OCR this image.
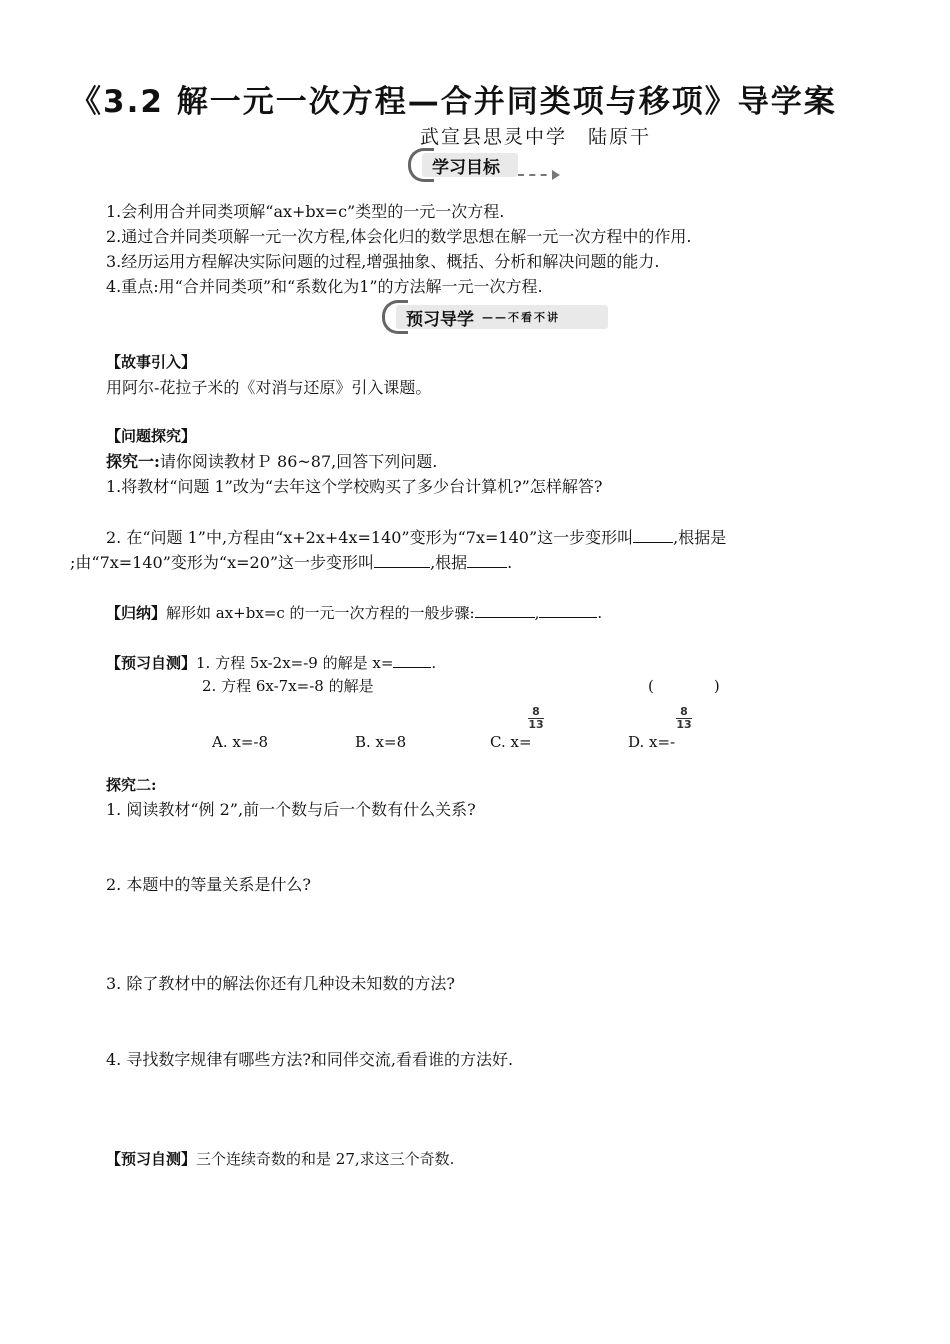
《3.2 解一元一次方程—合并同类项与移项》导学案
武宣县思灵中学　陆原干
学习目标
1.会利用合并同类项解“ax+bx=c”类型的一元一次方程.
2.通过合并同类项解一元一次方程,体会化归的数学思想在解一元一次方程中的作用.
3.经历运用方程解决实际问题的过程,增强抽象、概括、分析和解决问题的能力.
4.重点:用“合并同类项”和“系数化为1”的方法解一元一次方程.
预习导学 ——不看不讲
【故事引入】
用阿尔-花拉子米的《对消与还原》引入课题。
【问题探究】
探究一:请你阅读教材Ｐ 86~87,回答下列问题.
1.将教材“问题 1”改为“去年这个学校购买了多少台计算机?”怎样解答?
2. 在“问题 1”中,方程由“x+2x+4x=140”变形为“7x=140”这一步变形叫	,根据是
;由“7x=140”变形为“x=20”这一步变形叫	,根据	.
【归纳】解形如 ax+bx=c 的一元一次方程的一般步骤:	,	.
【预习自测】1. 方程 5x-2x=-9 的解是 x=	.
2. 方程 6x-7x=-8 的解是	(　　　　)
A. x=-8	B. x=8	C. x=
$\frac{8}{13}$
D. x=-
$\frac{8}{13}$
探究二:
1. 阅读教材“例 2”,前一个数与后一个数有什么关系?
2. 本题中的等量关系是什么?
3. 除了教材中的解法你还有几种设未知数的方法?
4. 寻找数字规律有哪些方法?和同伴交流,看看谁的方法好.
【预习自测】三个连续奇数的和是 27,求这三个奇数.
